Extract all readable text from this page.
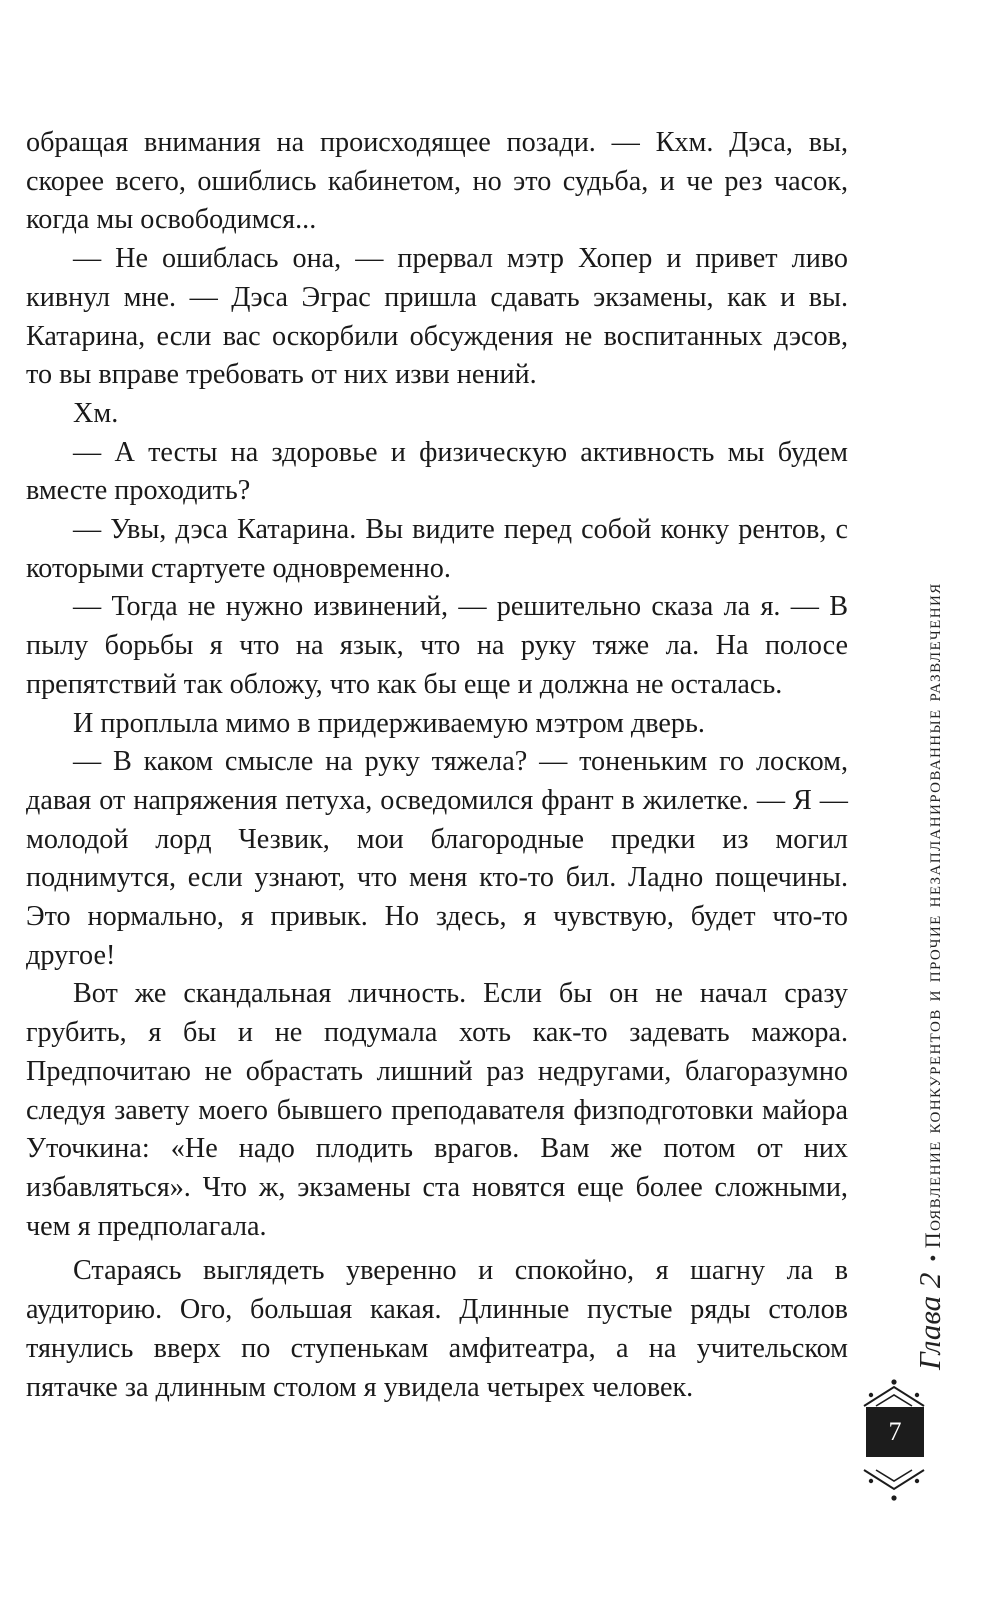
обращая внимания на происходящее позади. — Кхм. Дэса, вы, скорее всего, ошиблись кабинетом, но это судьба, и че рез часок, когда мы освободимся...

— Не ошиблась она, — прервал мэтр Хопер и привет ливо кивнул мне. — Дэса Эграс пришла сдавать экзамены, как и вы. Катарина, если вас оскорбили обсуждения не воспитанных дэсов, то вы вправе требовать от них изви нений.

Хм.

— А тесты на здоровье и физическую активность мы будем вместе проходить?

— Увы, дэса Катарина. Вы видите перед собой конку рентов, с которыми стартуете одновременно.

— Тогда не нужно извинений, — решительно сказа ла я. — В пылу борьбы я что на язык, что на руку тяже ла. На полосе препятствий так обложу, что как бы еще и должна не осталась.

И проплыла мимо в придерживаемую мэтром дверь.

— В каком смысле на руку тяжела? — тоненьким го лоском, давая от напряжения петуха, осведомился франт в жилетке. — Я — молодой лорд Чезвик, мои благородные предки из могил поднимутся, если узнают, что меня кто-то бил. Ладно пощечины. Это нормально, я привык. Но здесь, я чувствую, будет что-то другое!

Вот же скандальная личность. Если бы он не начал сразу грубить, я бы и не подумала хоть как-то задевать мажора. Предпочитаю не обрастать лишний раз недругами, благоразумно следуя завету моего бывшего преподавателя физподготовки майора Уточкина: «Не надо плодить врагов. Вам же потом от них избавляться». Что ж, экзамены ста новятся еще более сложными, чем я предполагала.

Стараясь выглядеть уверенно и спокойно, я шагну ла в аудиторию. Ого, большая какая. Длинные пустые ряды столов тянулись вверх по ступенькам амфитеатра, а на учительском пятачке за длинным столом я увидела четырех человек.

Глава 2•Появление конкурентов и прочие незапланированные развлечения
7
